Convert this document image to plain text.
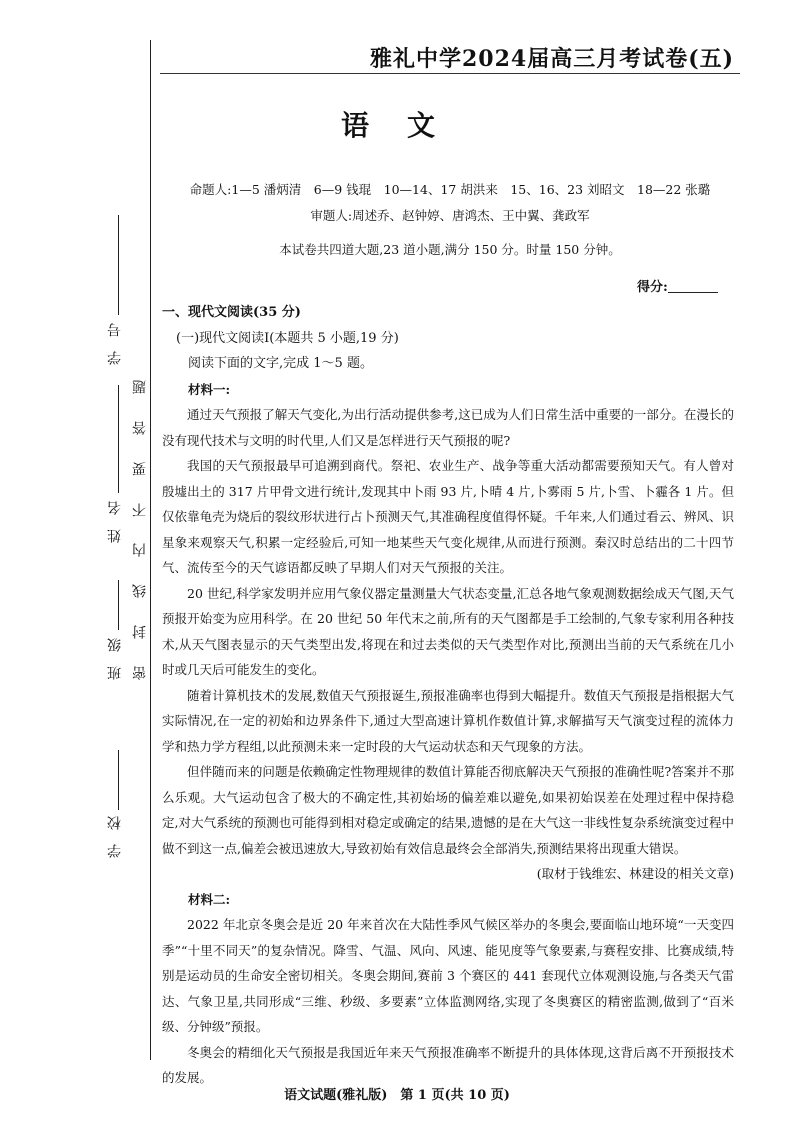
学　号
姓　名
班　级
学　校
题
答
要
不
内
线
封
密
雅礼中学2024届高三月考试卷(五)
语文
命题人:1—5 潘炳清　6—9 钱琨　10—14、17 胡洪来　15、16、23 刘昭文　18—22 张璐
审题人:周述乔、赵钟婷、唐鸿杰、王中翼、龚政军
本试卷共四道大题,23 道小题,满分 150 分。时量 150 分钟。
得分:

一、现代文阅读(35 分)

(一)现代文阅读Ⅰ(本题共 5 小题,19 分)

阅读下面的文字,完成 1～5 题。

材料一:

通过天气预报了解天气变化,为出行活动提供参考,这已成为人们日常生活中重要的一部分。在漫长的没有现代技术与文明的时代里,人们又是怎样进行天气预报的呢?

我国的天气预报最早可追溯到商代。祭祀、农业生产、战争等重大活动都需要预知天气。有人曾对殷墟出土的 317 片甲骨文进行统计,发现其中卜雨 93 片,卜晴 4 片,卜雾雨 5 片,卜雪、卜霾各 1 片。但仅依靠龟壳为烧后的裂纹形状进行占卜预测天气,其准确程度值得怀疑。千年来,人们通过看云、辨风、识星象来观察天气,积累一定经验后,可知一地某些天气变化规律,从而进行预测。秦汉时总结出的二十四节气、流传至今的天气谚语都反映了早期人们对天气预报的关注。

20 世纪,科学家发明并应用气象仪器定量测量大气状态变量,汇总各地气象观测数据绘成天气图,天气预报开始变为应用科学。在 20 世纪 50 年代末之前,所有的天气图都是手工绘制的,气象专家利用各种技术,从天气图表显示的天气类型出发,将现在和过去类似的天气类型作对比,预测出当前的天气系统在几小时或几天后可能发生的变化。

随着计算机技术的发展,数值天气预报诞生,预报准确率也得到大幅提升。数值天气预报是指根据大气实际情况,在一定的初始和边界条件下,通过大型高速计算机作数值计算,求解描写天气演变过程的流体力学和热力学方程组,以此预测未来一定时段的大气运动状态和天气现象的方法。

但伴随而来的问题是依赖确定性物理规律的数值计算能否彻底解决天气预报的准确性呢?答案并不那么乐观。大气运动包含了极大的不确定性,其初始场的偏差难以避免,如果初始误差在处理过程中保持稳定,对大气系统的预测也可能得到相对稳定或确定的结果,遗憾的是在大气这一非线性复杂系统演变过程中做不到这一点,偏差会被迅速放大,导致初始有效信息最终会全部消失,预测结果将出现重大错误。

(取材于钱维宏、林建设的相关文章)

材料二:

2022 年北京冬奥会是近 20 年来首次在大陆性季风气候区举办的冬奥会,要面临山地环境“一天变四季”“十里不同天”的复杂情况。降雪、气温、风向、风速、能见度等气象要素,与赛程安排、比赛成绩,特别是运动员的生命安全密切相关。冬奥会期间,赛前 3 个赛区的 441 套现代立体观测设施,与各类天气雷达、气象卫星,共同形成“三维、秒级、多要素”立体监测网络,实现了冬奥赛区的精密监测,做到了“百米级、分钟级”预报。

冬奥会的精细化天气预报是我国近年来天气预报准确率不断提升的具体体现,这背后离不开预报技术的发展。

语文试题(雅礼版)　第 1 页(共 10 页)
